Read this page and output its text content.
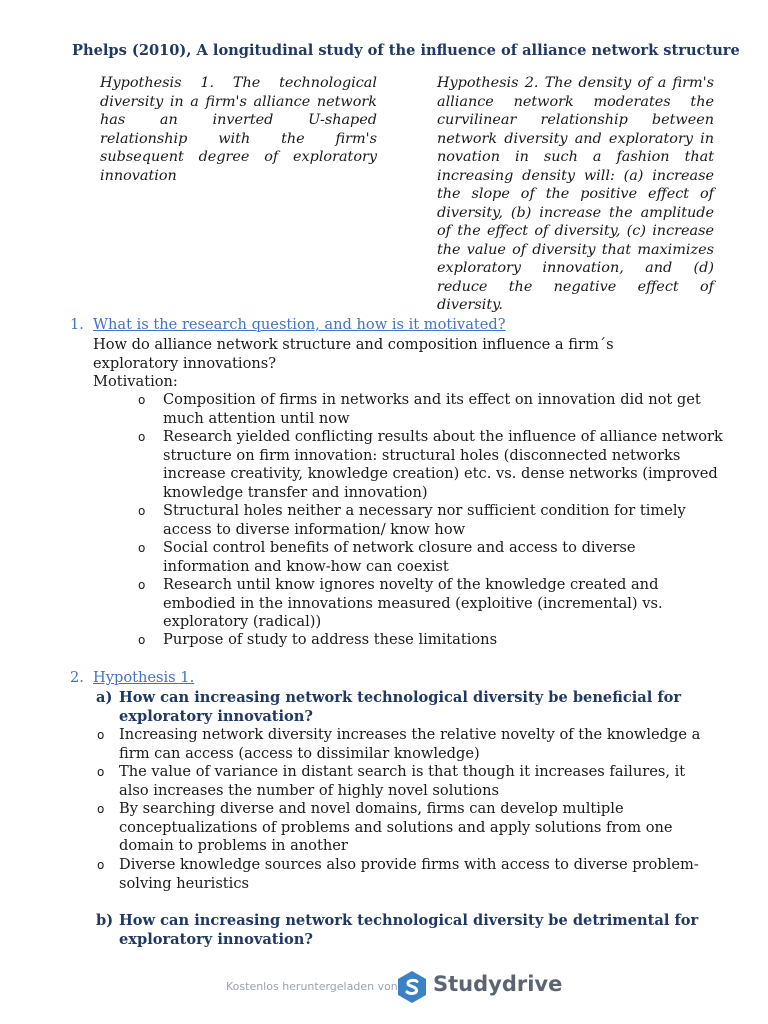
Phelps (2010), A longitudinal study of the influence of alliance network structure
Hypothesis 1. The technological diversity in a firm's alliance network has an inverted U-shaped relationship with the firm's subsequent degree of exploratory innovation
Hypothesis 2. The density of a firm's alliance network moderates the curvilinear relationship between network diversity and exploratory in novation in such a fashion that increasing density will: (a) increase the slope of the positive effect of diversity, (b) increase the amplitude of the effect of diversity, (c) increase the value of diversity that maximizes exploratory innovation, and (d) reduce the negative effect of diversity.
1. What is the research question, and how is it motivated?
How do alliance network structure and composition influence a firm´s exploratory innovations?
Motivation:
o Composition of firms in networks and its effect on innovation did not get much attention until now
o Research yielded conflicting results about the influence of alliance network structure on firm innovation: structural holes (disconnected networks increase creativity, knowledge creation) etc. vs. dense networks (improved knowledge transfer and innovation)
o Structural holes neither a necessary nor sufficient condition for timely access to diverse information/ know how
o Social control benefits of network closure and access to diverse information and know-how can coexist
o Research until know ignores novelty of the knowledge created and embodied in the innovations measured (exploitive (incremental) vs. exploratory (radical))
o Purpose of study to address these limitations
2. Hypothesis 1.
a) How can increasing network technological diversity be beneficial for exploratory innovation?
o Increasing network diversity increases the relative novelty of the knowledge a firm can access (access to dissimilar knowledge)
o The value of variance in distant search is that though it increases failures, it also increases the number of highly novel solutions
o By searching diverse and novel domains, firms can develop multiple conceptualizations of problems and solutions and apply solutions from one domain to problems in another
o Diverse knowledge sources also provide firms with access to diverse problem-solving heuristics
b) How can increasing network technological diversity be detrimental for exploratory innovation?
Kostenlos heruntergeladen von Studydrive
